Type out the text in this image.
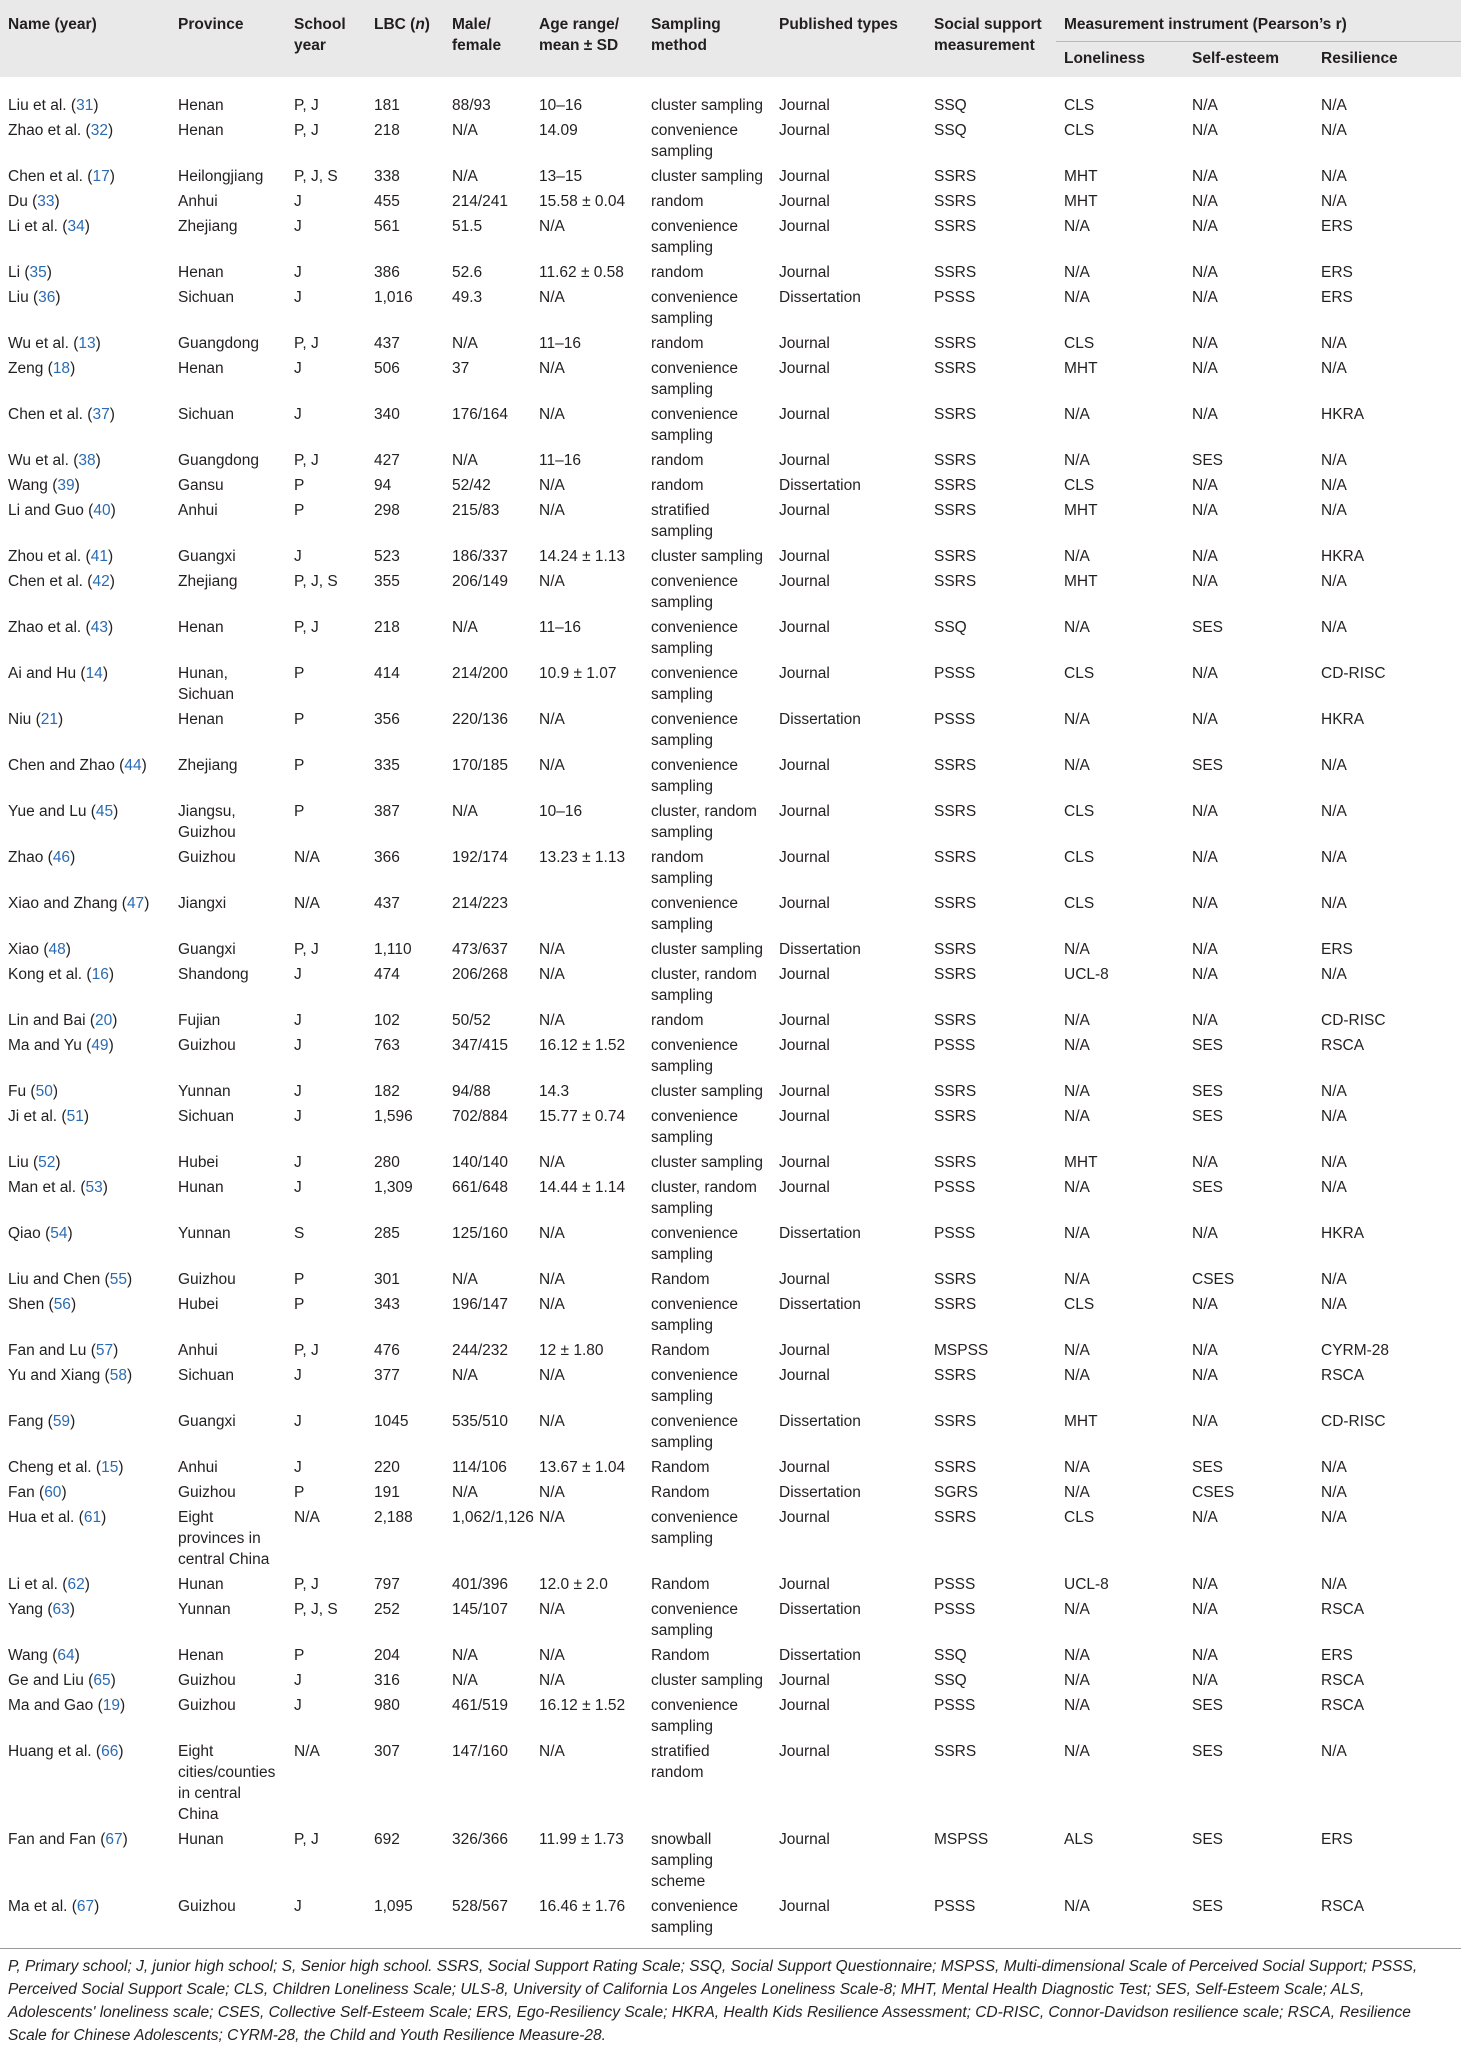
Name (year)	Province	School year	LBC (n)	Male/ female	Age range/ mean ± SD	Sampling method	Published types	Social support measurement	Measurement instrument (Pearson’s r)		
									Loneliness	Self-esteem	Resilience
Liu et al. (31)	Henan	P, J	181	88/93	10–16	cluster sampling	Journal	SSQ	CLS	N/A	N/A
Zhao et al. (32)	Henan	P, J	218	N/A	14.09	convenience sampling	Journal	SSQ	CLS	N/A	N/A
Chen et al. (17)	Heilongjiang	P, J, S	338	N/A	13–15	cluster sampling	Journal	SSRS	MHT	N/A	N/A
Du (33)	Anhui	J	455	214/241	15.58 ± 0.04	random	Journal	SSRS	MHT	N/A	N/A
Li et al. (34)	Zhejiang	J	561	51.5	N/A	convenience sampling	Journal	SSRS	N/A	N/A	ERS
Li (35)	Henan	J	386	52.6	11.62 ± 0.58	random	Journal	SSRS	N/A	N/A	ERS
Liu (36)	Sichuan	J	1,016	49.3	N/A	convenience sampling	Dissertation	PSSS	N/A	N/A	ERS
Wu et al. (13)	Guangdong	P, J	437	N/A	11–16	random	Journal	SSRS	CLS	N/A	N/A
Zeng (18)	Henan	J	506	37	N/A	convenience sampling	Journal	SSRS	MHT	N/A	N/A
Chen et al. (37)	Sichuan	J	340	176/164	N/A	convenience sampling	Journal	SSRS	N/A	N/A	HKRA
Wu et al. (38)	Guangdong	P, J	427	N/A	11–16	random	Journal	SSRS	N/A	SES	N/A
Wang (39)	Gansu	P	94	52/42	N/A	random	Dissertation	SSRS	CLS	N/A	N/A
Li and Guo (40)	Anhui	P	298	215/83	N/A	stratified sampling	Journal	SSRS	MHT	N/A	N/A
Zhou et al. (41)	Guangxi	J	523	186/337	14.24 ± 1.13	cluster sampling	Journal	SSRS	N/A	N/A	HKRA
Chen et al. (42)	Zhejiang	P, J, S	355	206/149	N/A	convenience sampling	Journal	SSRS	MHT	N/A	N/A
Zhao et al. (43)	Henan	P, J	218	N/A	11–16	convenience sampling	Journal	SSQ	N/A	SES	N/A
Ai and Hu (14)	Hunan, Sichuan	P	414	214/200	10.9 ± 1.07	convenience sampling	Journal	PSSS	CLS	N/A	CD-RISC
Niu (21)	Henan	P	356	220/136	N/A	convenience sampling	Dissertation	PSSS	N/A	N/A	HKRA
Chen and Zhao (44)	Zhejiang	P	335	170/185	N/A	convenience sampling	Journal	SSRS	N/A	SES	N/A
Yue and Lu (45)	Jiangsu, Guizhou	P	387	N/A	10–16	cluster, random sampling	Journal	SSRS	CLS	N/A	N/A
Zhao (46)	Guizhou	N/A	366	192/174	13.23 ± 1.13	random sampling	Journal	SSRS	CLS	N/A	N/A
Xiao and Zhang (47)	Jiangxi	N/A	437	214/223		convenience sampling	Journal	SSRS	CLS	N/A	N/A
Xiao (48)	Guangxi	P, J	1,110	473/637	N/A	cluster sampling	Dissertation	SSRS	N/A	N/A	ERS
Kong et al. (16)	Shandong	J	474	206/268	N/A	cluster, random sampling	Journal	SSRS	UCL-8	N/A	N/A
Lin and Bai (20)	Fujian	J	102	50/52	N/A	random	Journal	SSRS	N/A	N/A	CD-RISC
Ma and Yu (49)	Guizhou	J	763	347/415	16.12 ± 1.52	convenience sampling	Journal	PSSS	N/A	SES	RSCA
Fu (50)	Yunnan	J	182	94/88	14.3	cluster sampling	Journal	SSRS	N/A	SES	N/A
Ji et al. (51)	Sichuan	J	1,596	702/884	15.77 ± 0.74	convenience sampling	Journal	SSRS	N/A	SES	N/A
Liu (52)	Hubei	J	280	140/140	N/A	cluster sampling	Journal	SSRS	MHT	N/A	N/A
Man et al. (53)	Hunan	J	1,309	661/648	14.44 ± 1.14	cluster, random sampling	Journal	PSSS	N/A	SES	N/A
Qiao (54)	Yunnan	S	285	125/160	N/A	convenience sampling	Dissertation	PSSS	N/A	N/A	HKRA
Liu and Chen (55)	Guizhou	P	301	N/A	N/A	Random	Journal	SSRS	N/A	CSES	N/A
Shen (56)	Hubei	P	343	196/147	N/A	convenience sampling	Dissertation	SSRS	CLS	N/A	N/A
Fan and Lu (57)	Anhui	P, J	476	244/232	12 ± 1.80	Random	Journal	MSPSS	N/A	N/A	CYRM-28
Yu and Xiang (58)	Sichuan	J	377	N/A	N/A	convenience sampling	Journal	SSRS	N/A	N/A	RSCA
Fang (59)	Guangxi	J	1045	535/510	N/A	convenience sampling	Dissertation	SSRS	MHT	N/A	CD-RISC
Cheng et al. (15)	Anhui	J	220	114/106	13.67 ± 1.04	Random	Journal	SSRS	N/A	SES	N/A
Fan (60)	Guizhou	P	191	N/A	N/A	Random	Dissertation	SGRS	N/A	CSES	N/A
Hua et al. (61)	Eight provinces in central China	N/A	2,188	1,062/1,126	N/A	convenience sampling	Journal	SSRS	CLS	N/A	N/A
Li et al. (62)	Hunan	P, J	797	401/396	12.0 ± 2.0	Random	Journal	PSSS	UCL-8	N/A	N/A
Yang (63)	Yunnan	P, J, S	252	145/107	N/A	convenience sampling	Dissertation	PSSS	N/A	N/A	RSCA
Wang (64)	Henan	P	204	N/A	N/A	Random	Dissertation	SSQ	N/A	N/A	ERS
Ge and Liu (65)	Guizhou	J	316	N/A	N/A	cluster sampling	Journal	SSQ	N/A	N/A	RSCA
Ma and Gao (19)	Guizhou	J	980	461/519	16.12 ± 1.52	convenience sampling	Journal	PSSS	N/A	SES	RSCA
Huang et al. (66)	Eight cities/counties in central China	N/A	307	147/160	N/A	stratified random	Journal	SSRS	N/A	SES	N/A
Fan and Fan (67)	Hunan	P, J	692	326/366	11.99 ± 1.73	snowball sampling scheme	Journal	MSPSS	ALS	SES	ERS
Ma et al. (67)	Guizhou	J	1,095	528/567	16.46 ± 1.76	convenience sampling	Journal	PSSS	N/A	SES	RSCA
P, Primary school; J, junior high school; S, Senior high school. SSRS, Social Support Rating Scale; SSQ, Social Support Questionnaire; MSPSS, Multi-dimensional Scale of Perceived Social Support; PSSS, Perceived Social Support Scale; CLS, Children Loneliness Scale; ULS-8, University of California Los Angeles Loneliness Scale-8; MHT, Mental Health Diagnostic Test; SES, Self-Esteem Scale; ALS, Adolescents' loneliness scale; CSES, Collective Self-Esteem Scale; ERS, Ego-Resiliency Scale; HKRA, Health Kids Resilience Assessment; CD-RISC, Connor-Davidson resilience scale; RSCA, Resilience Scale for Chinese Adolescents; CYRM-28, the Child and Youth Resilience Measure-28.
